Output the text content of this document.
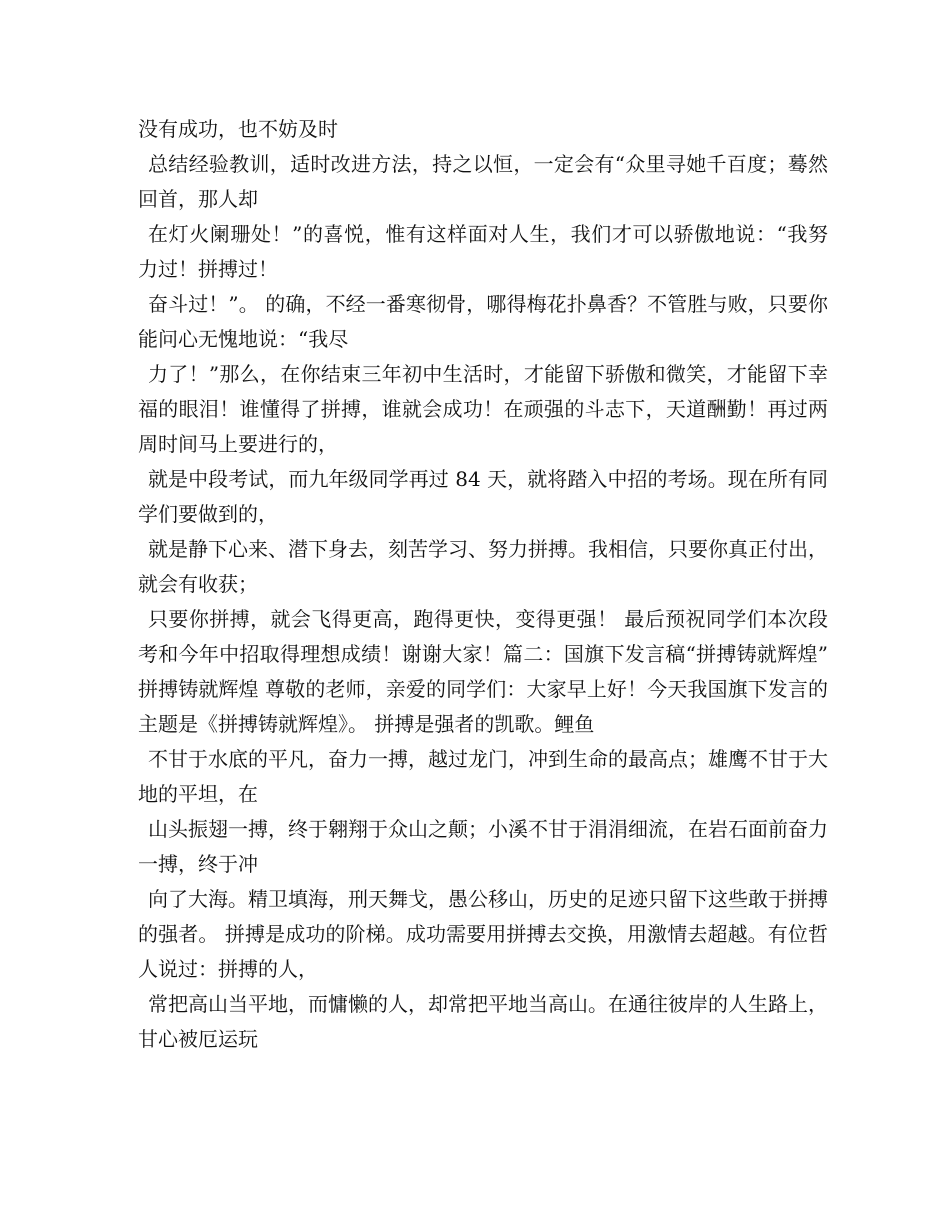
没有成功，也不妨及时

总结经验教训，适时改进方法，持之以恒，一定会有“众里寻她千百度；蓦然回首，那人却

在灯火阑珊处！”的喜悦，惟有这样面对人生，我们才可以骄傲地说：“我努力过！拼搏过！

奋斗过！”。 的确，不经一番寒彻骨，哪得梅花扑鼻香？不管胜与败，只要你能问心无愧地说：“我尽

力了！”那么，在你结束三年初中生活时，才能留下骄傲和微笑，才能留下幸福的眼泪！谁懂得了拼搏，谁就会成功！在顽强的斗志下，天道酬勤！再过两周时间马上要进行的，

就是中段考试，而九年级同学再过 84 天，就将踏入中招的考场。现在所有同学们要做到的，

就是静下心来、潜下身去，刻苦学习、努力拼搏。我相信，只要你真正付出，就会有收获；

只要你拼搏，就会飞得更高，跑得更快，变得更强！ 最后预祝同学们本次段考和今年中招取得理想成绩！谢谢大家！篇二：国旗下发言稿“拼搏铸就辉煌”　拼搏铸就辉煌 尊敬的老师，亲爱的同学们：大家早上好！今天我国旗下发言的主题是《拼搏铸就辉煌》。 拼搏是强者的凯歌。鲤鱼

不甘于水底的平凡，奋力一搏，越过龙门，冲到生命的最高点；雄鹰不甘于大地的平坦，在

山头振翅一搏，终于翱翔于众山之颠；小溪不甘于涓涓细流，在岩石面前奋力一搏，终于冲

向了大海。精卫填海，刑天舞戈，愚公移山，历史的足迹只留下这些敢于拼搏的强者。 拼搏是成功的阶梯。成功需要用拼搏去交换，用激情去超越。有位哲人说过：拼搏的人，

常把高山当平地，而慵懒的人，却常把平地当高山。在通往彼岸的人生路上，甘心被厄运玩
